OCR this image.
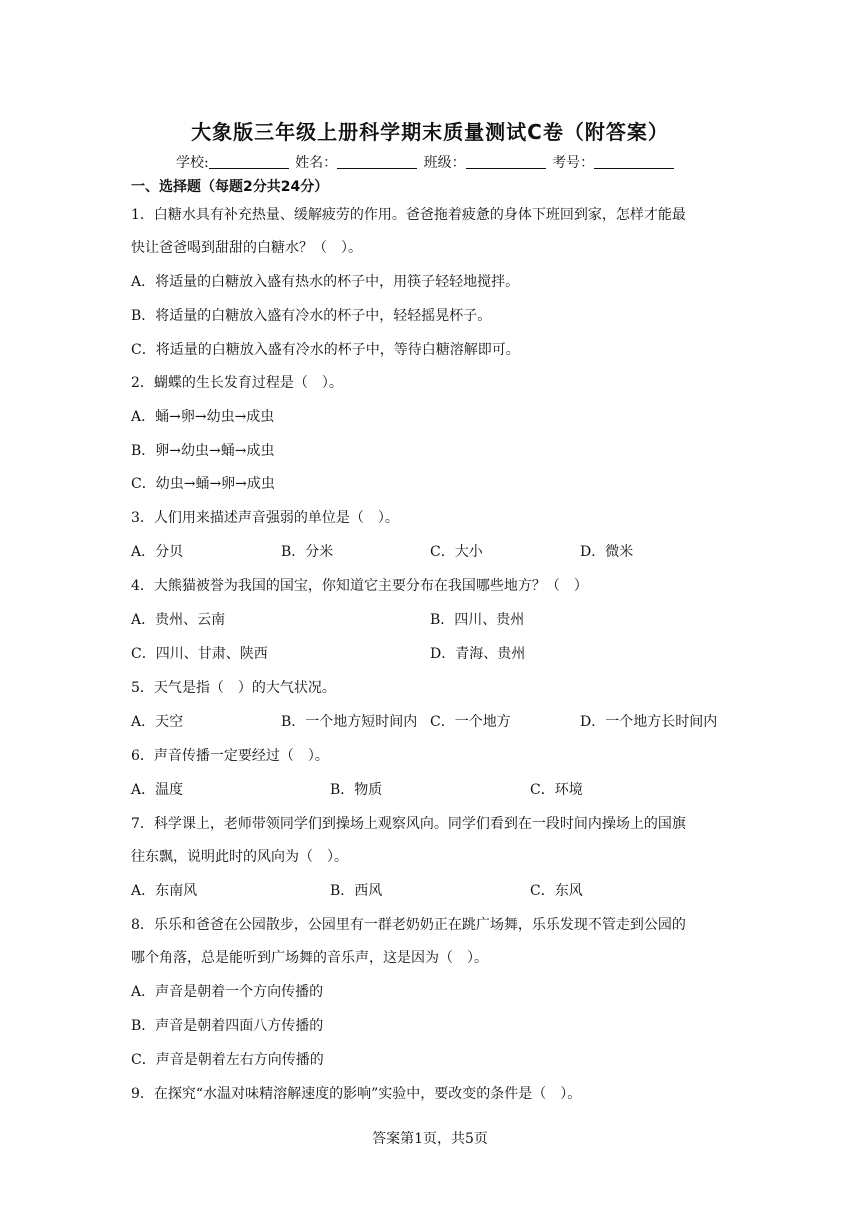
大象版三年级上册科学期末质量测试C卷（附答案）
学校:	姓名：	班级：	考号：
一、选择题（每题2分共24分）
1．白糖水具有补充热量、缓解疲劳的作用。爸爸拖着疲惫的身体下班回到家，怎样才能最
快让爸爸喝到甜甜的白糖水？（　）。
A．将适量的白糖放入盛有热水的杯子中，用筷子轻轻地搅拌。
B．将适量的白糖放入盛有冷水的杯子中，轻轻摇晃杯子。
C．将适量的白糖放入盛有冷水的杯子中，等待白糖溶解即可。
2．蝴蝶的生长发育过程是（　）。
A．蛹→卵→幼虫→成虫
B．卵→幼虫→蛹→成虫
C．幼虫→蛹→卵→成虫
3．人们用来描述声音强弱的单位是（　）。
A．分贝	B．分米	C．大小	D．微米
4．大熊猫被誉为我国的国宝，你知道它主要分布在我国哪些地方？（　）
A．贵州、云南	B．四川、贵州
C．四川、甘肃、陕西	D．青海、贵州
5．天气是指（　）的大气状况。
A．天空	B．一个地方短时间内 C．一个地方	D．一个地方长时间内
6．声音传播一定要经过（　）。
A．温度	B．物质	C．环境
7．科学课上，老师带领同学们到操场上观察风向。同学们看到在一段时间内操场上的国旗
往东飘，说明此时的风向为（　）。
A．东南风	B．西风	C．东风
8．乐乐和爸爸在公园散步，公园里有一群老奶奶正在跳广场舞，乐乐发现不管走到公园的
哪个角落，总是能听到广场舞的音乐声，这是因为（　）。
A．声音是朝着一个方向传播的
B．声音是朝着四面八方传播的
C．声音是朝着左右方向传播的
9．在探究“水温对味精溶解速度的影响”实验中，要改变的条件是（　）。
答案第1页，共5页
